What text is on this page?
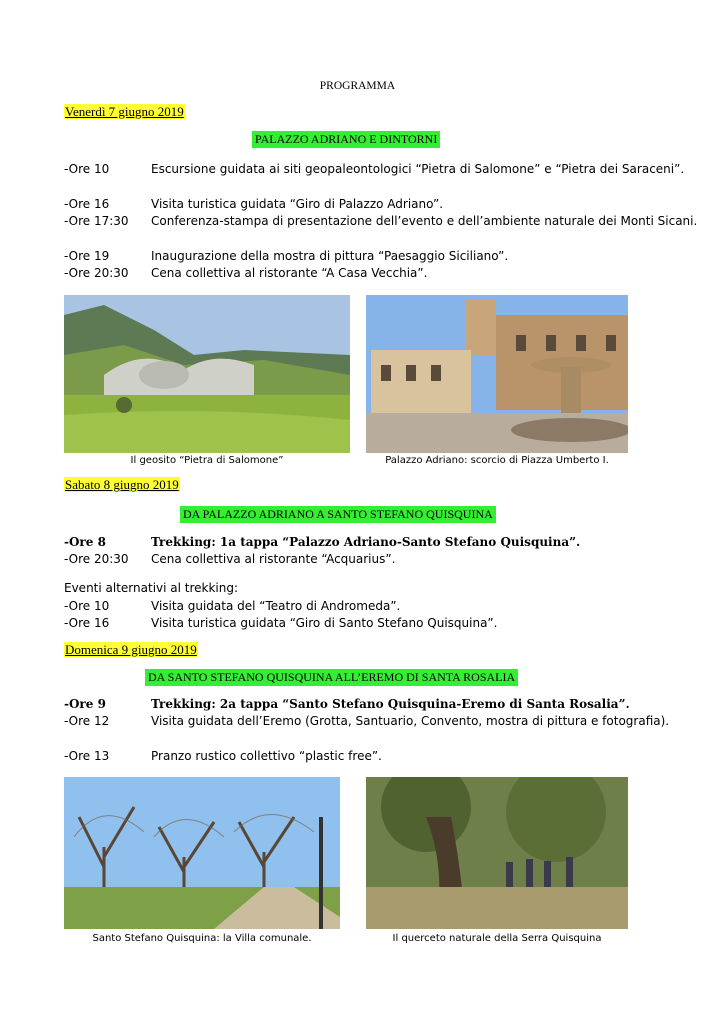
PROGRAMMA
Venerdì 7 giugno 2019
PALAZZO ADRIANO E DINTORNI
-Ore 10	Escursione guidata ai siti geopaleontologici “Pietra di Salomone” e “Pietra dei Saraceni”.
-Ore 16	Visita turistica guidata “Giro di Palazzo Adriano”.
-Ore 17:30 Conferenza-stampa di presentazione dell’evento e dell’ambiente naturale dei Monti Sicani.
-Ore 19	Inaugurazione della mostra di pittura “Paesaggio Siciliano”.
-Ore 20:30 Cena collettiva al ristorante “A Casa Vecchia”.
Il geosito “Pietra di Salomone”	Palazzo Adriano: scorcio di Piazza Umberto I.
Sabato 8 giugno 2019
DA PALAZZO ADRIANO A SANTO STEFANO QUISQUINA
-Ore 8	Trekking: 1a tappa “Palazzo Adriano-Santo Stefano Quisquina”.
-Ore 20:30 Cena collettiva al ristorante “Acquarius”.
Eventi alternativi al trekking:
-Ore 10	Visita guidata del “Teatro di Andromeda”.
-Ore 16	Visita turistica guidata “Giro di Santo Stefano Quisquina”.
Domenica 9 giugno 2019
DA SANTO STEFANO QUISQUINA ALL’EREMO DI SANTA ROSALIA
-Ore 9	Trekking: 2a tappa “Santo Stefano Quisquina-Eremo di Santa Rosalia”.
-Ore 12	Visita guidata dell’Eremo (Grotta, Santuario, Convento, mostra di pittura e fotografia).
-Ore 13	Pranzo rustico collettivo “plastic free”.
Santo Stefano Quisquina: la Villa comunale.	Il querceto naturale della Serra Quisquina
